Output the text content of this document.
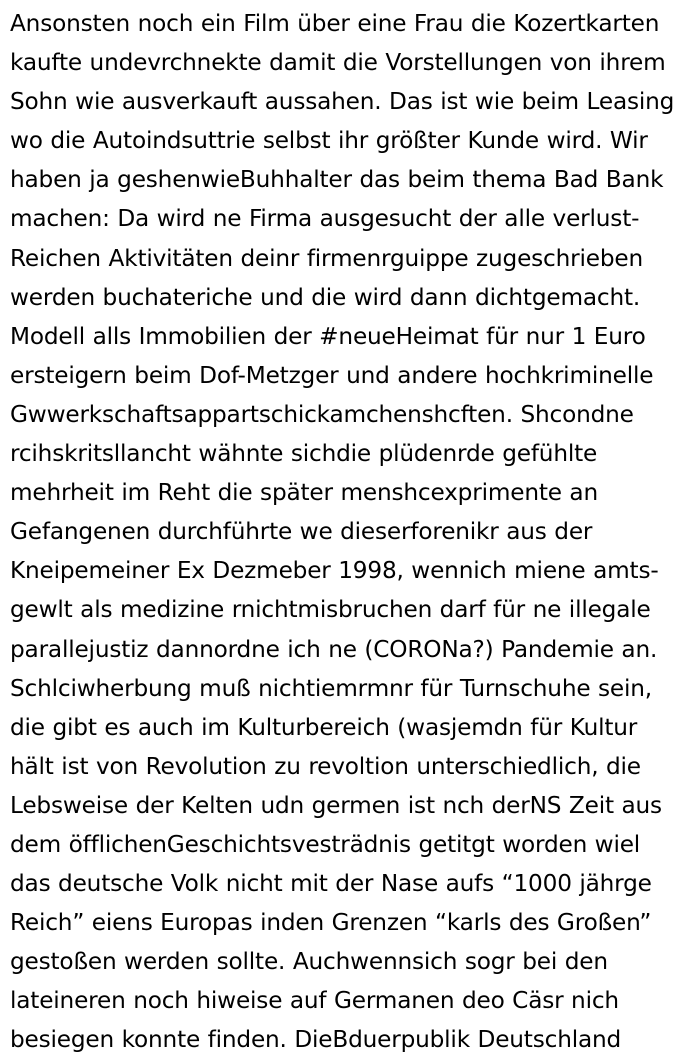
Ansonsten noch ein Film über eine Frau die Kozertkarten kaufte undevrchnekte damit die Vorstellungen von ihrem Sohn wie ausverkauft aussahen. Das ist wie beim Leasing wo die Autoindsuttrie selbst ihr größter Kunde wird. Wir haben ja geshenwieBuhhalter das beim thema Bad Bank machen: Da wird ne Firma ausgesucht der alle verlust-Reichen Aktivitäten deinr firmenrguippe zugeschrieben werden buchateriche und die wird dann dichtgemacht. Modell alls Immobilien der #neueHeimat für nur 1 Euro ersteigern beim Dof-Metzger und andere hochkriminelle Gwwerkschaftsappartschickamchenshcften. Shcondne rcihskritsllancht wähnte sichdie plüdenrde gefühlte mehrheit im Reht die später menshcexprimente an Gefangenen durchführte we dieserforenikr aus der Kneipemeiner Ex Dezmeber 1998, wennich miene amts-gewlt als medizine rnichtmisbruchen darf für ne illegale parallejustiz dannordne ich ne (CORONa?) Pandemie an. Schlciwherbung muß nichtiemrmnr für Turnschuhe sein, die gibt es auch im Kulturbereich (wasjemdn für Kultur hält ist von Revolution zu revoltion unterschiedlich, die Lebsweise der Kelten udn germen ist nch derNS Zeit aus dem öfflichenGeschichtsvesträdnis getitgt worden wiel das deutsche Volk nicht mit der Nase aufs “1000 jährge Reich” eiens Europas inden Grenzen “karls des Großen” gestoßen werden sollte. Auchwennsich sogr bei den lateineren noch hiweise auf Germanen deo Cäsr nich besiegen konnte finden. DieBduerpublik Deutschland
